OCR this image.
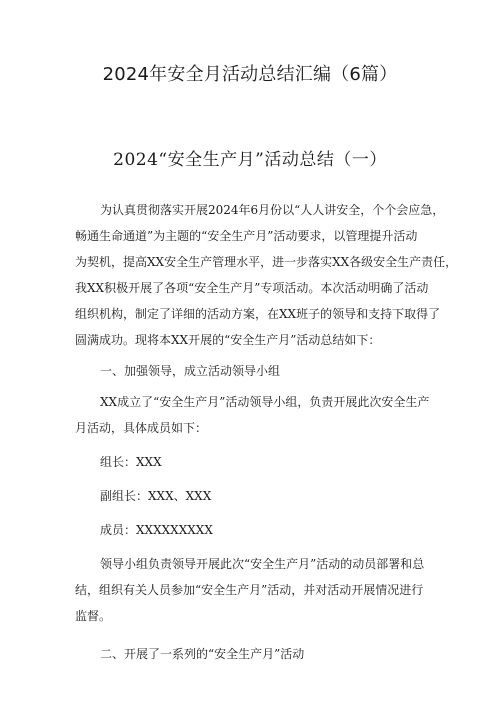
2024年安全月活动总结汇编（6篇）
2024“安全生产月”活动总结（一）

为认真贯彻落实开展2024年6月份以“人人讲安全，个个会应急，
畅通生命通道”为主题的“安全生产月”活动要求，以管理提升活动
为契机，提高XX安全生产管理水平，进一步落实XX各级安全生产责任，
我XX积极开展了各项“安全生产月”专项活动。本次活动明确了活动
组织机构，制定了详细的活动方案，在XX班子的领导和支持下取得了
圆满成功。现将本XX开展的“安全生产月”活动总结如下：

一、加强领导，成立活动领导小组

XX成立了“安全生产月”活动领导小组，负责开展此次安全生产
月活动，具体成员如下：

组长：XXX

副组长：XXX、XXX

成员：XXXXXXXXX

领导小组负责领导开展此次“安全生产月”活动的动员部署和总
结，组织有关人员参加“安全生产月”活动，并对活动开展情况进行
监督。

二、开展了一系列的“安全生产月”活动
